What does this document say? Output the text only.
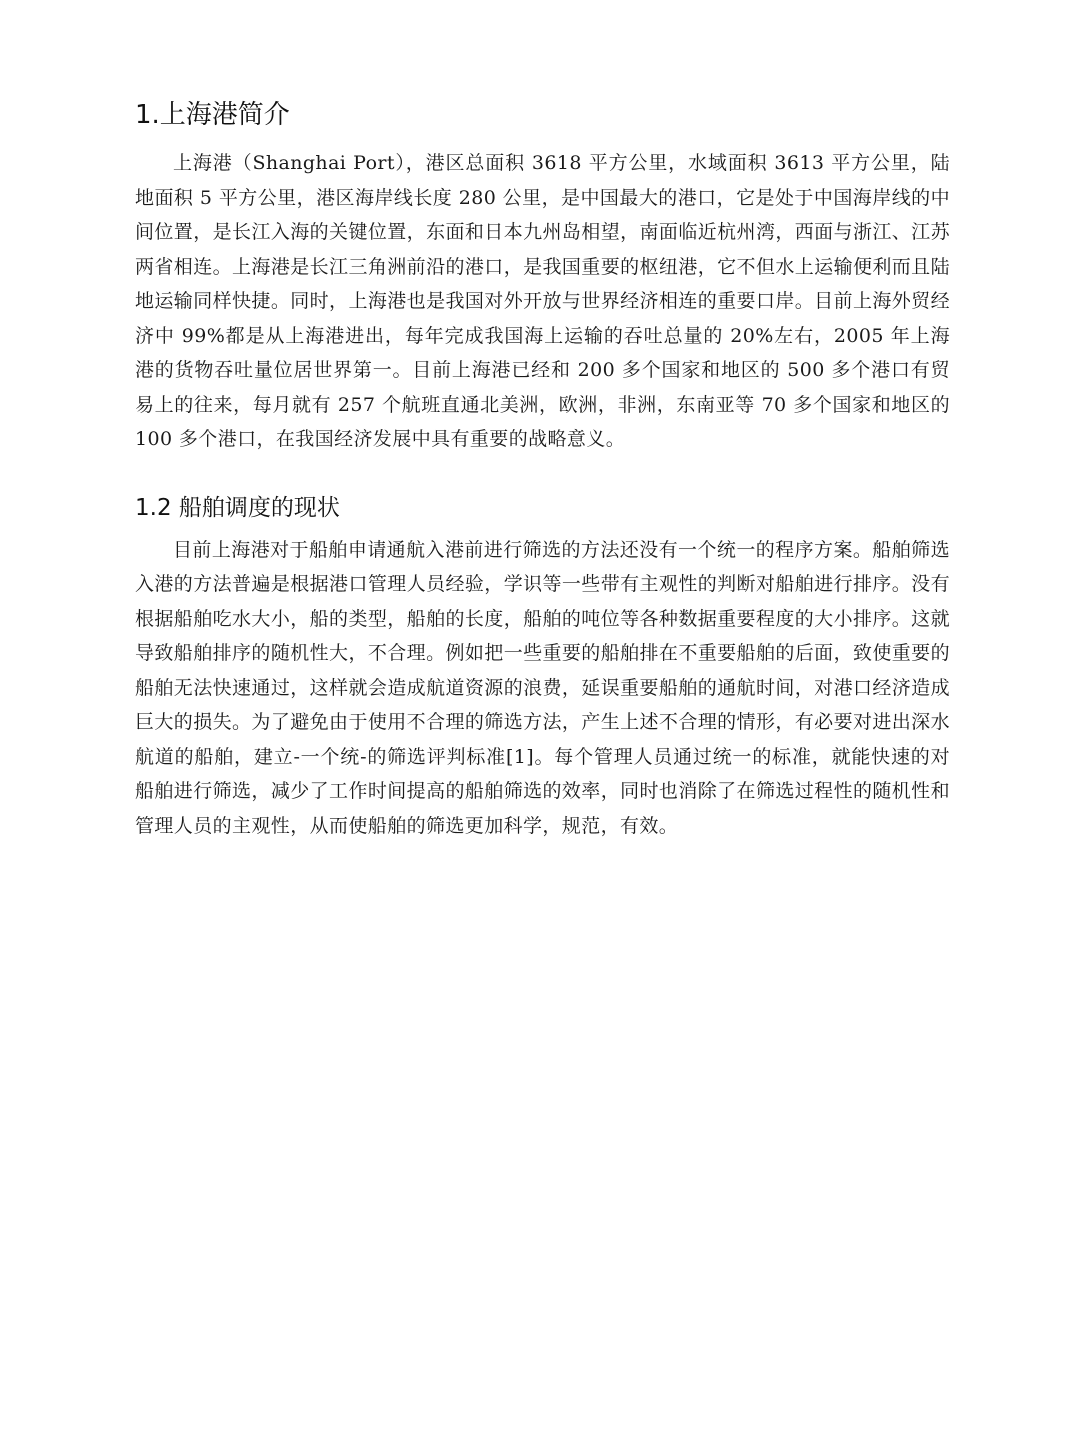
1.上海港简介

上海港（Shanghai Port），港区总面积 3618 平方公里，水域面积 3613 平方公里，陆地面积 5 平方公里，港区海岸线长度 280 公里，是中国最大的港口，它是处于中国海岸线的中间位置，是长江入海的关键位置，东面和日本九州岛相望，南面临近杭州湾，西面与浙江、江苏两省相连。上海港是长江三角洲前沿的港口，是我国重要的枢纽港，它不但水上运输便利而且陆地运输同样快捷。同时，上海港也是我国对外开放与世界经济相连的重要口岸。目前上海外贸经济中 99%都是从上海港进出，每年完成我国海上运输的吞吐总量的 20%左右，2005 年上海港的货物吞吐量位居世界第一。目前上海港已经和 200 多个国家和地区的 500 多个港口有贸易上的往来，每月就有 257 个航班直通北美洲，欧洲，非洲，东南亚等 70 多个国家和地区的 100 多个港口，在我国经济发展中具有重要的战略意义。

1.2 船舶调度的现状

目前上海港对于船舶申请通航入港前进行筛选的方法还没有一个统一的程序方案。船舶筛选入港的方法普遍是根据港口管理人员经验，学识等一些带有主观性的判断对船舶进行排序。没有根据船舶吃水大小，船的类型，船舶的长度，船舶的吨位等各种数据重要程度的大小排序。这就导致船舶排序的随机性大，不合理。例如把一些重要的船舶排在不重要船舶的后面，致使重要的船舶无法快速通过，这样就会造成航道资源的浪费，延误重要船舶的通航时间，对港口经济造成巨大的损失。为了避免由于使用不合理的筛选方法，产生上述不合理的情形，有必要对进出深水航道的船舶，建立-一个统-的筛选评判标准[1]。每个管理人员通过统一的标准，就能快速的对船舶进行筛选，减少了工作时间提高的船舶筛选的效率，同时也消除了在筛选过程性的随机性和管理人员的主观性，从而使船舶的筛选更加科学，规范，有效。
